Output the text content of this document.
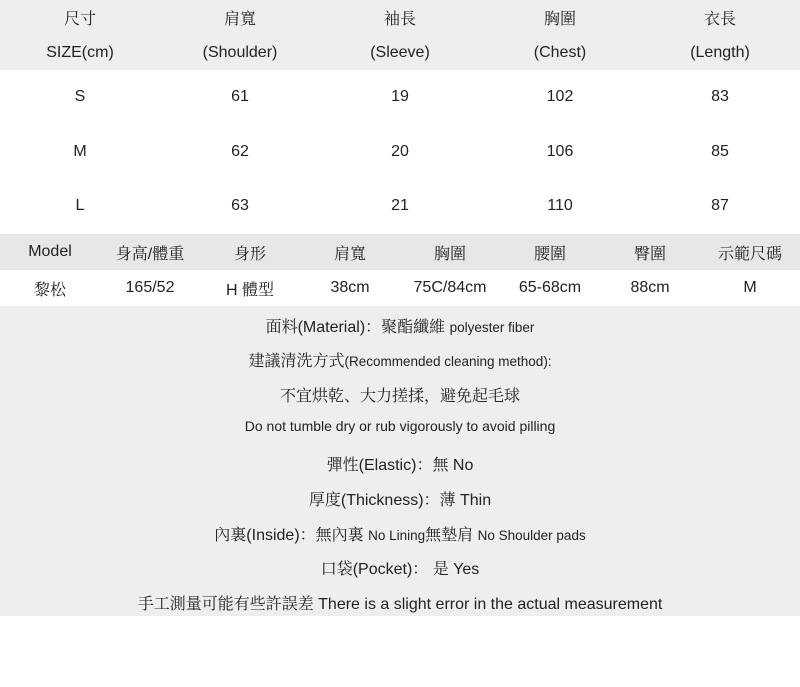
尺寸	肩寬	袖長	胸圍	衣長
SIZE(cm)	(Shoulder)	(Sleeve)	(Chest)	(Length)
S	61	19	102	83
M	62	20	106	85
L	63	21	110	87
Model	身高/體重	身形	肩寬	胸圍	腰圍	臀圍	示範尺碼
黎松	165/52	H 體型	38cm	75C/84cm	65-68cm	88cm	M
面料(Material)：聚酯纖維 polyester fiber
建議清洗方式(Recommended cleaning method):
不宜烘乾、大力搓揉，避免起毛球
Do not tumble dry or rub vigorously to avoid pilling
彈性(Elastic)：無 No
厚度(Thickness)：薄 Thin
內裏(Inside)：無內裏 No Lining無墊肩 No Shoulder pads
口袋(Pocket)： 是 Yes
手工測量可能有些許誤差 There is a slight error in the actual measurement
